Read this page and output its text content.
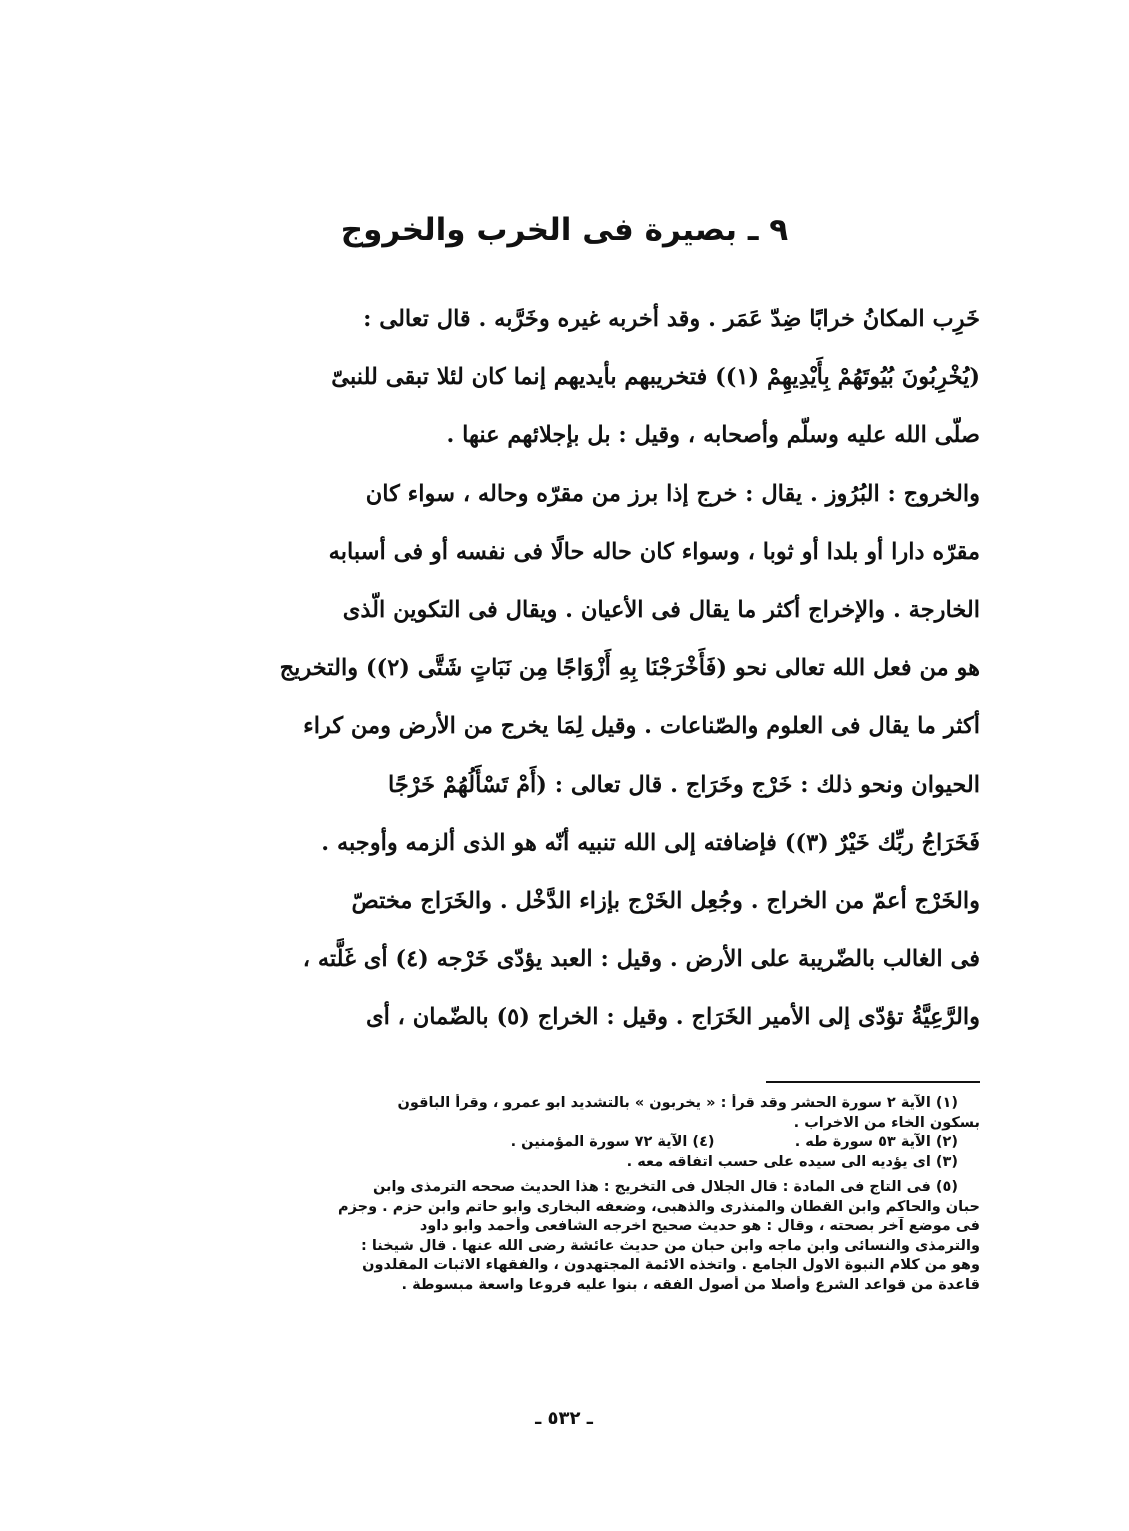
٩ ـ بصيرة فى الخرب والخروج
خَرِب المكانُ خرابًا ضِدّ عَمَر . وقد أخربه غيره وخَرَّبه . قال تعالى :
(يُخْرِبُونَ بُيُوتَهُمْ بِأَيْدِيهِمْ (١)) فتخريبهم بأيديهم إنما كان لئلا تبقى للنبىّ
صلّى الله عليه وسلّم وأصحابه ، وقيل : بل بإجلائهم عنها .
والخروج : البُرُوز . يقال : خرج إذا برز من مقرّه وحاله ، سواء كان
مقرّه دارا أو بلدا أو ثوبا ، وسواء كان حاله حالًا فى نفسه أو فى أسبابه
الخارجة . والإخراج أكثر ما يقال فى الأعيان . ويقال فى التكوين الّذى
هو من فعل الله تعالى نحو (فَأَخْرَجْنَا بِهِ أَزْوَاجًا مِن نَبَاتٍ شَتَّى (٢)) والتخريج
أكثر ما يقال فى العلوم والصّناعات . وقيل لِمَا يخرج من الأرض ومن كراء
الحيوان ونحو ذلك : خَرْج وخَرَاج . قال تعالى : (أَمْ تَسْأَلُهُمْ خَرْجًا
فَخَرَاجُ ربِّك خَيْرٌ (٣)) فإضافته إلى الله تنبيه أنّه هو الذى ألزمه وأوجبه .
والخَرْج أعمّ من الخراج . وجُعِل الخَرْج بإزاء الدَّخْل . والخَرَاج مختصّ
فى الغالب بالضّريبة على الأرض . وقيل : العبد يؤدّى خَرْجه (٤) أى غَلَّته ،
والرَّعِيَّةُ تؤدّى إلى الأمير الخَرَاج . وقيل : الخراج (٥) بالضّمان ، أى
(١) الآية ٢ سورة الحشر وقد قرأ : « يخربون » بالتشديد ابو عمرو ، وقرأ الباقون
بسكون الخاء من الاخراب .
(٢) الآية ٥٣ سورة طه .  (٤) الآية ٧٢ سورة المؤمنين .
(٣) اى يؤديه الى سيده على حسب اتفاقه معه .
(٥) فى التاج فى المادة : قال الجلال فى التخريج : هذا الحديث صححه الترمذى وابن
حبان والحاكم وابن القطان والمنذرى والذهبى، وضعفه البخارى وابو حاتم وابن حزم . وجزم
فى موضع آخر بصحته ، وقال : هو حديث صحيح اخرجه الشافعى وأحمد وابو داود
والترمذى والنسائى وابن ماجه وابن حبان من حديث عائشة رضى الله عنها . قال شيخنا :
وهو من كلام النبوة الاول الجامع . واتخذه الائمة المجتهدون ، والفقهاء الاثبات المقلدون
قاعدة من قواعد الشرع وأصلا من أصول الفقه ، بنوا عليه فروعا واسعة مبسوطة .
ـ ٥٣٢ ـ
